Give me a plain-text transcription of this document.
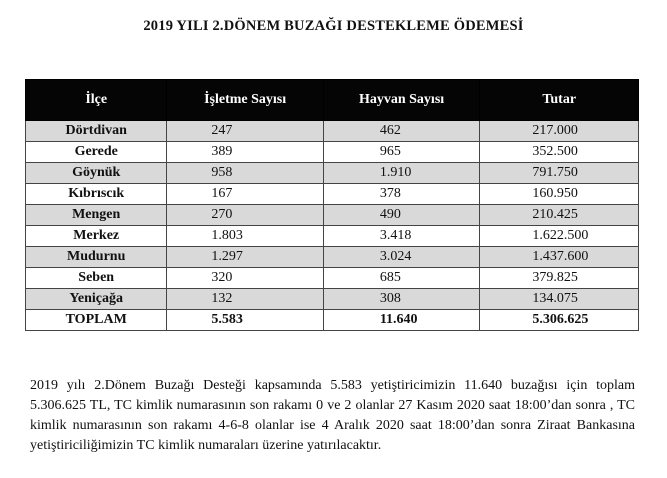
2019 YILI 2.DÖNEM BUZAĞI DESTEKLEME ÖDEMESİ
İlçe	İşletme Sayısı	Hayvan Sayısı	Tutar
Dörtdivan	247	462	217.000
Gerede	389	965	352.500
Göynük	958	1.910	791.750
Kıbrıscık	167	378	160.950
Mengen	270	490	210.425
Merkez	1.803	3.418	1.622.500
Mudurnu	1.297	3.024	1.437.600
Seben	320	685	379.825
Yeniçağa	132	308	134.075
TOPLAM	5.583	11.640	5.306.625

2019 yılı 2.Dönem Buzağı Desteği kapsamında 5.583 yetiştiricimizin 11.640 buzağısı için toplam 5.306.625 TL, TC kimlik numarasının son rakamı 0 ve 2 olanlar 27 Kasım 2020 saat 18:00’dan sonra , TC kimlik numarasının son rakamı 4-6-8 olanlar ise 4 Aralık 2020 saat 18:00’dan sonra Ziraat Bankasına yetiştiriciliğimizin TC kimlik numaraları üzerine yatırılacaktır.
